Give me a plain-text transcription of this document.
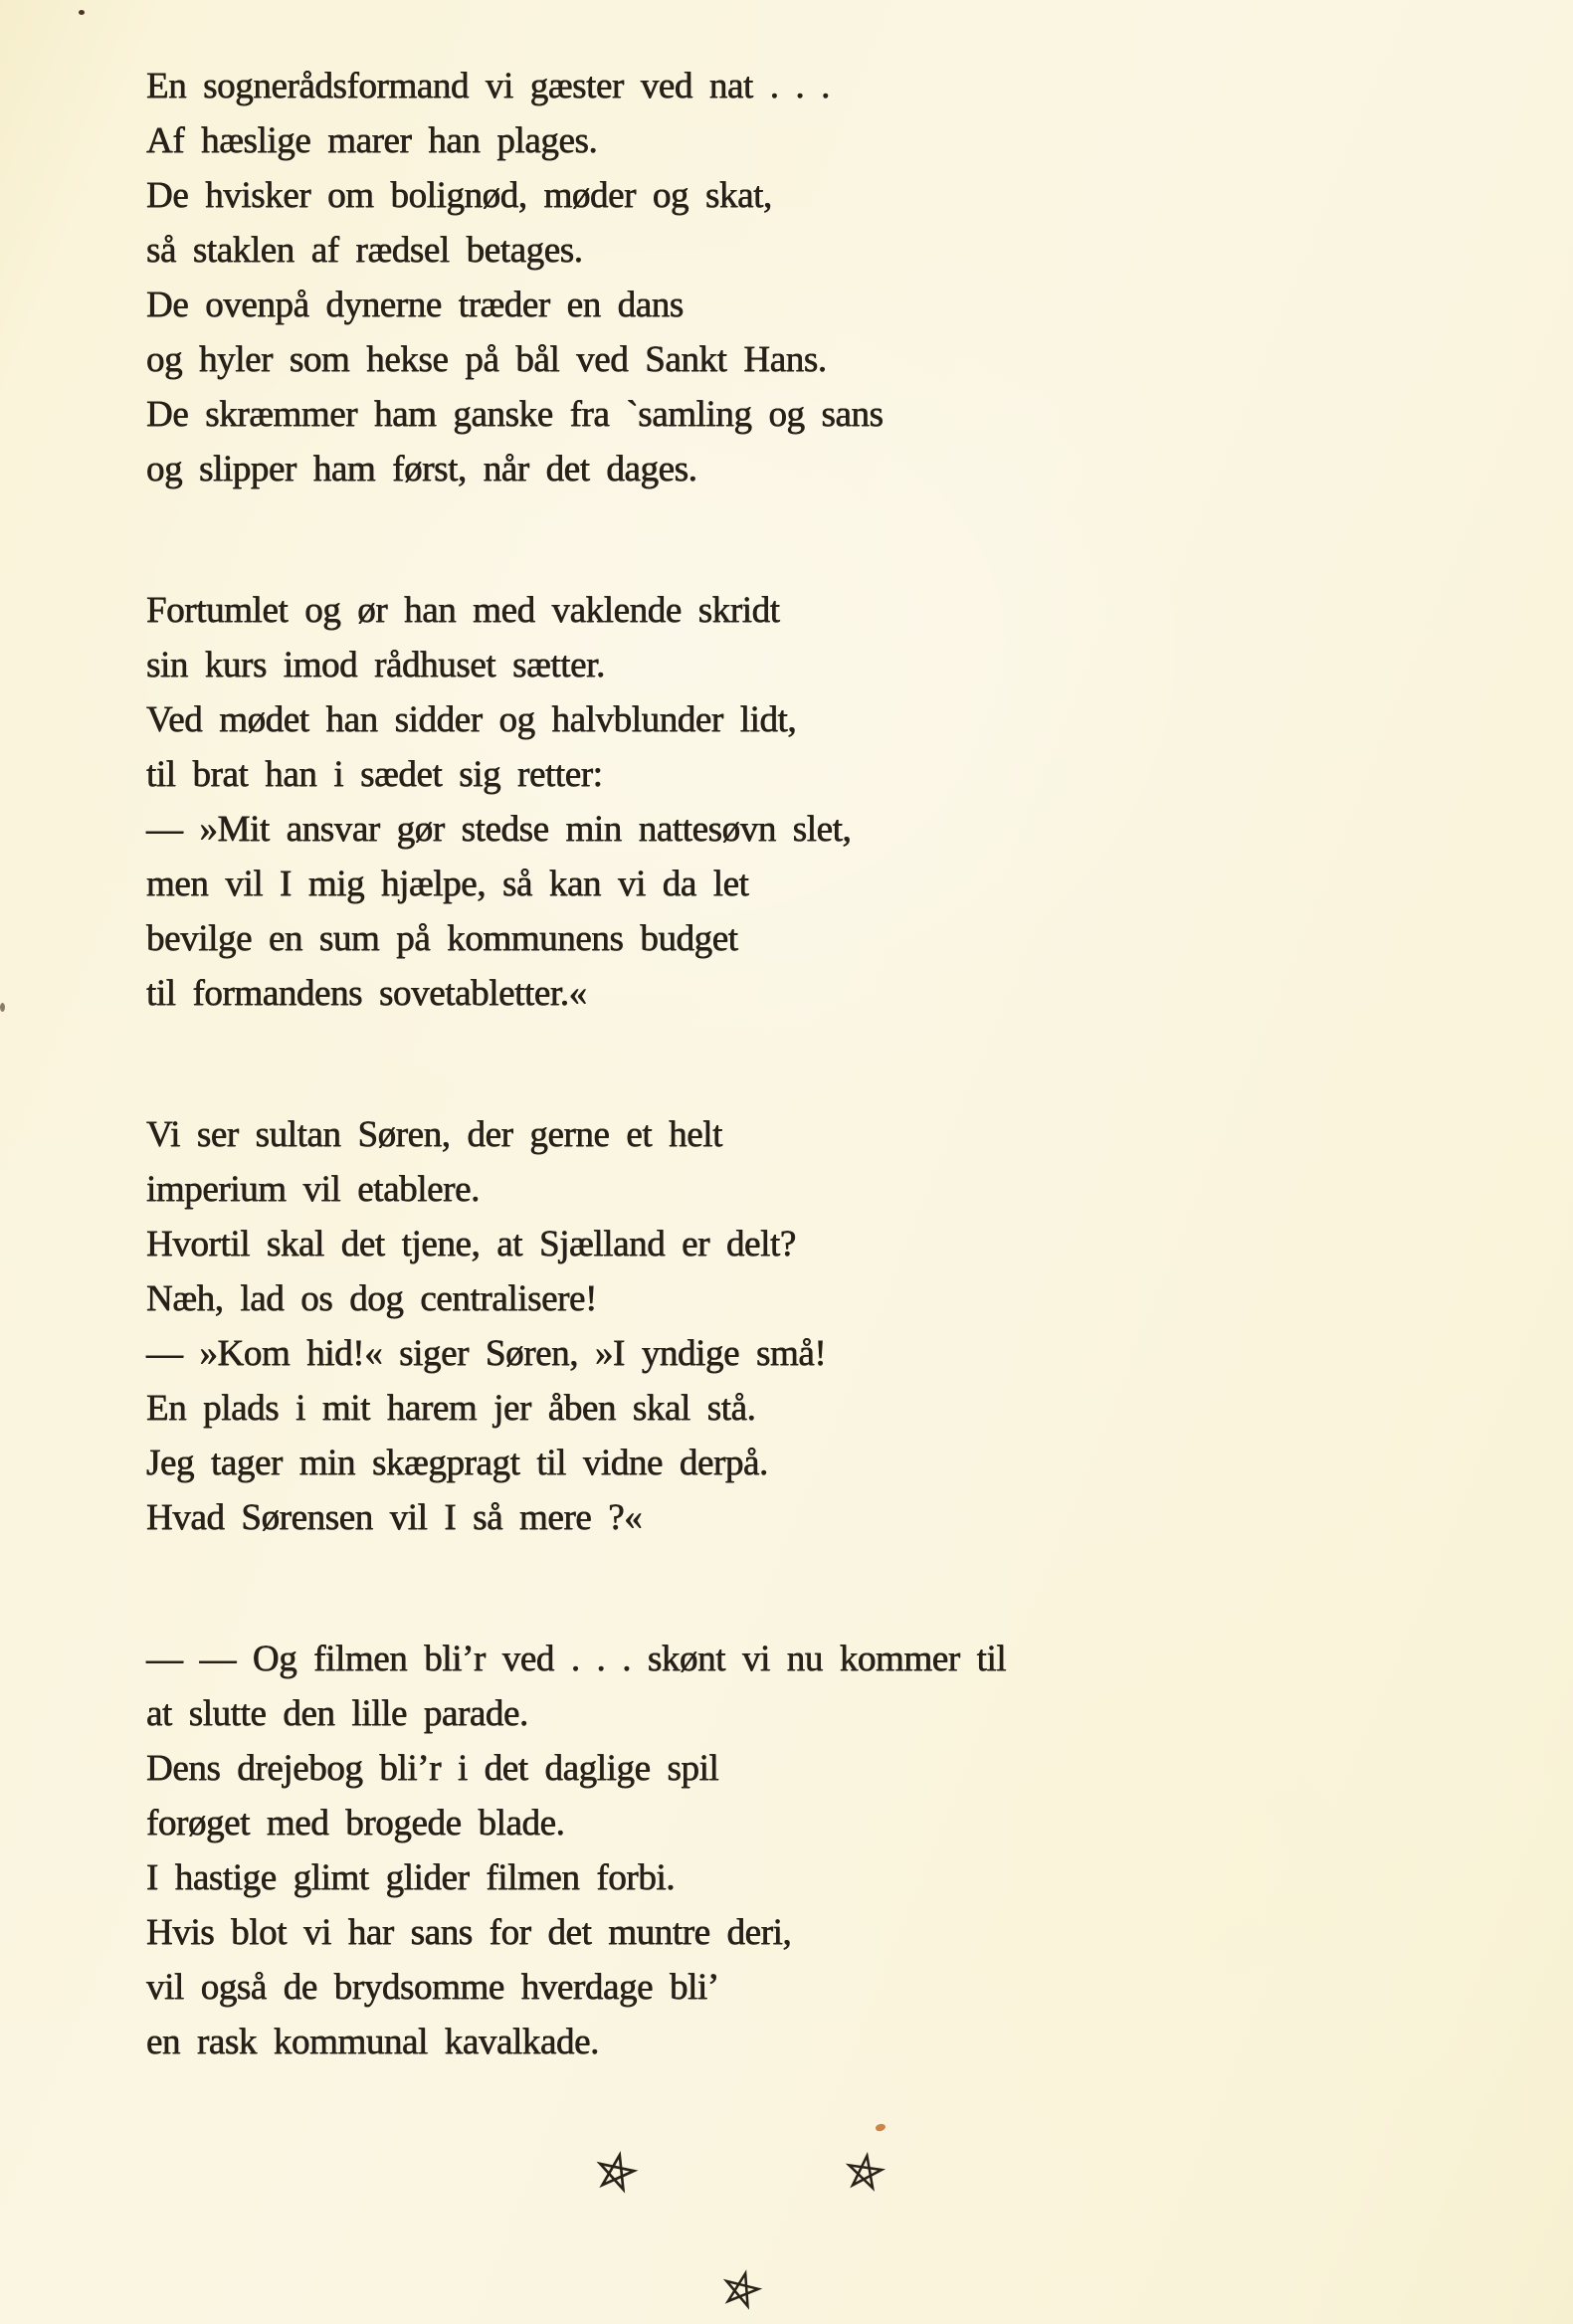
En sognerådsformand vi gæster ved nat . . .
Af hæslige marer han plages.
De hvisker om bolignød, møder og skat,
så staklen af rædsel betages.
De ovenpå dynerne træder en dans
og hyler som hekse på bål ved Sankt Hans.
De skræmmer ham ganske fra ˋsamling og sans
og slipper ham først, når det dages.
Fortumlet og ør han med vaklende skridt
sin kurs imod rådhuset sætter.
Ved mødet han sidder og halvblunder lidt,
til brat han i sædet sig retter:
— »Mit ansvar gør stedse min nattesøvn slet,
men vil I mig hjælpe, så kan vi da let
bevilge en sum på kommunens budget
til formandens sovetabletter.«
Vi ser sultan Søren, der gerne et helt
imperium vil etablere.
Hvortil skal det tjene, at Sjælland er delt?
Næh, lad os dog centralisere!
— »Kom hid!« siger Søren, »I yndige små!
En plads i mit harem jer åben skal stå.
Jeg tager min skægpragt til vidne derpå.
Hvad Sørensen vil I så mere ?«
— — Og filmen bli’r ved . . . skønt vi nu kommer til
at slutte den lille parade.
Dens drejebog bli’r i det daglige spil
forøget med brogede blade.
I hastige glimt glider filmen forbi.
Hvis blot vi har sans for det muntre deri,
vil også de brydsomme hverdage bli’
en rask kommunal kavalkade.
